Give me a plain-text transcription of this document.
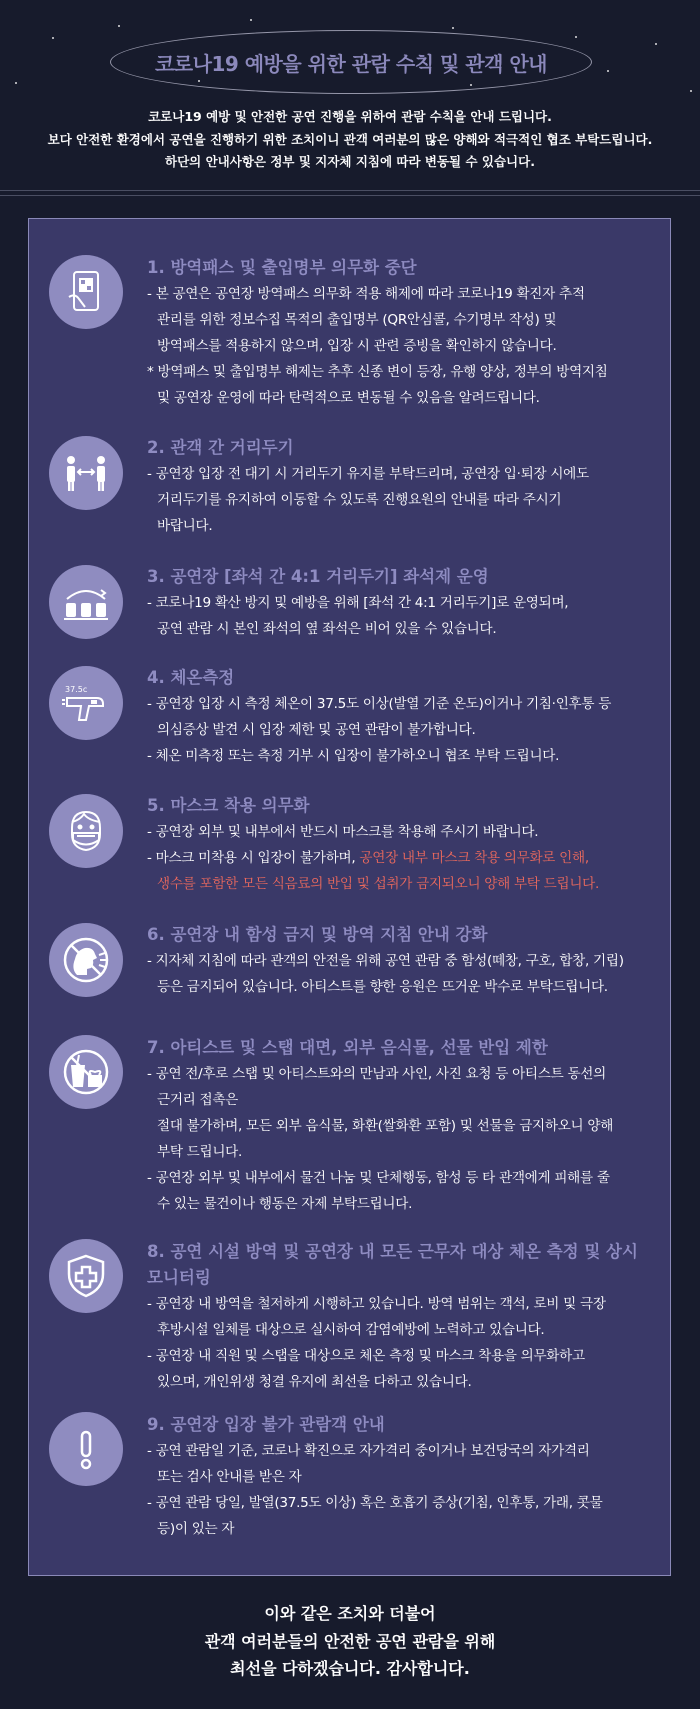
코로나19 예방을 위한 관람 수칙 및 관객 안내
코로나19 예방 및 안전한 공연 진행을 위하여 관람 수칙을 안내 드립니다.
보다 안전한 환경에서 공연을 진행하기 위한 조치이니 관객 여러분의 많은 양해와 적극적인 협조 부탁드립니다.
하단의 안내사항은 정부 및 지자체 지침에 따라 변동될 수 있습니다.
1. 방역패스 및 출입명부 의무화 중단

- 본 공연은 공연장 방역패스 의무화 적용 해제에 따라 코로나19 확진자 추적

관리를 위한 정보수집 목적의 출입명부 (QR안심콜, 수기명부 작성) 및

방역패스를 적용하지 않으며, 입장 시 관련 증빙을 확인하지 않습니다.

* 방역패스 및 출입명부 해제는 추후 신종 변이 등장, 유행 양상, 정부의 방역지침

및 공연장 운영에 따라 탄력적으로 변동될 수 있음을 알려드립니다.

2. 관객 간 거리두기

- 공연장 입장 전 대기 시 거리두기 유지를 부탁드리며, 공연장 입·퇴장 시에도

거리두기를 유지하여 이동할 수 있도록 진행요원의 안내를 따라 주시기

바랍니다.

3. 공연장 [좌석 간 4:1 거리두기] 좌석제 운영

- 코로나19 확산 방지 및 예방을 위해 [좌석 간 4:1 거리두기]로 운영되며,

공연 관람 시 본인 좌석의 옆 좌석은 비어 있을 수 있습니다.

37.5c
4. 체온측정

- 공연장 입장 시 측정 체온이 37.5도 이상(발열 기준 온도)이거나 기침·인후통 등

의심증상 발견 시 입장 제한 및 공연 관람이 불가합니다.

- 체온 미측정 또는 측정 거부 시 입장이 불가하오니 협조 부탁 드립니다.

5. 마스크 착용 의무화

- 공연장 외부 및 내부에서 반드시 마스크를 착용해 주시기 바랍니다.

- 마스크 미착용 시 입장이 불가하며, 공연장 내부 마스크 착용 의무화로 인해,

생수를 포함한 모든 식음료의 반입 및 섭취가 금지되오니 양해 부탁 드립니다.

6. 공연장 내 함성 금지 및 방역 지침 안내 강화

- 지자체 지침에 따라 관객의 안전을 위해 공연 관람 중 함성(떼창, 구호, 합창, 기립)

등은 금지되어 있습니다. 아티스트를 향한 응원은 뜨거운 박수로 부탁드립니다.

7. 아티스트 및 스탭 대면, 외부 음식물, 선물 반입 제한

- 공연 전/후로 스탭 및 아티스트와의 만남과 사인, 사진 요청 등 아티스트 동선의

근거리 접촉은

절대 불가하며, 모든 외부 음식물, 화환(쌀화환 포함) 및 선물을 금지하오니 양해

부탁 드립니다.

- 공연장 외부 및 내부에서 물건 나눔 및 단체행동, 함성 등 타 관객에게 피해를 줄

수 있는 물건이나 행동은 자제 부탁드립니다.

8. 공연 시설 방역 및 공연장 내 모든 근무자 대상 체온 측정 및 상시 모니터링

- 공연장 내 방역을 철저하게 시행하고 있습니다. 방역 범위는 객석, 로비 및 극장

후방시설 일체를 대상으로 실시하여 감염예방에 노력하고 있습니다.

- 공연장 내 직원 및 스탭을 대상으로 체온 측정 및 마스크 착용을 의무화하고

있으며, 개인위생 청결 유지에 최선을 다하고 있습니다.

9. 공연장 입장 불가 관람객 안내

- 공연 관람일 기준, 코로나 확진으로 자가격리 중이거나 보건당국의 자가격리

또는 검사 안내를 받은 자

- 공연 관람 당일, 발열(37.5도 이상) 혹은 호흡기 증상(기침, 인후통, 가래, 콧물

등)이 있는 자

이와 같은 조치와 더불어
관객 여러분들의 안전한 공연 관람을 위해
최선을 다하겠습니다. 감사합니다.
